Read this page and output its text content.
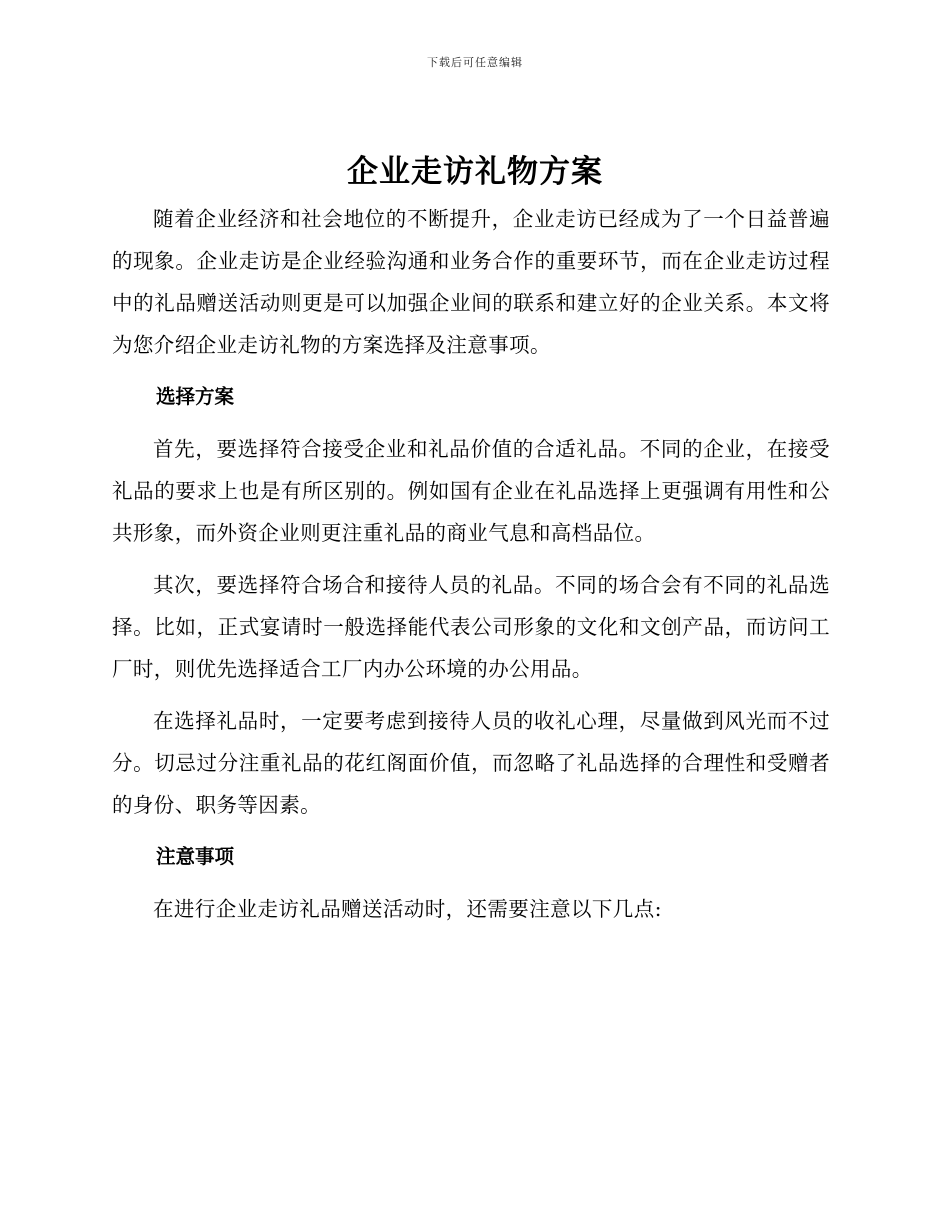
下载后可任意编辑
企业走访礼物方案

随着企业经济和社会地位的不断提升，企业走访已经成为了一个日益普遍的现象。企业走访是企业经验沟通和业务合作的重要环节，而在企业走访过程中的礼品赠送活动则更是可以加强企业间的联系和建立好的企业关系。本文将为您介绍企业走访礼物的方案选择及注意事项。

选择方案

首先，要选择符合接受企业和礼品价值的合适礼品。不同的企业，在接受礼品的要求上也是有所区别的。例如国有企业在礼品选择上更强调有用性和公共形象，而外资企业则更注重礼品的商业气息和高档品位。

其次，要选择符合场合和接待人员的礼品。不同的场合会有不同的礼品选择。比如，正式宴请时一般选择能代表公司形象的文化和文创产品，而访问工厂时，则优先选择适合工厂内办公环境的办公用品。

在选择礼品时，一定要考虑到接待人员的收礼心理，尽量做到风光而不过分。切忌过分注重礼品的花红阁面价值，而忽略了礼品选择的合理性和受赠者的身份、职务等因素。

注意事项

在进行企业走访礼品赠送活动时，还需要注意以下几点:
